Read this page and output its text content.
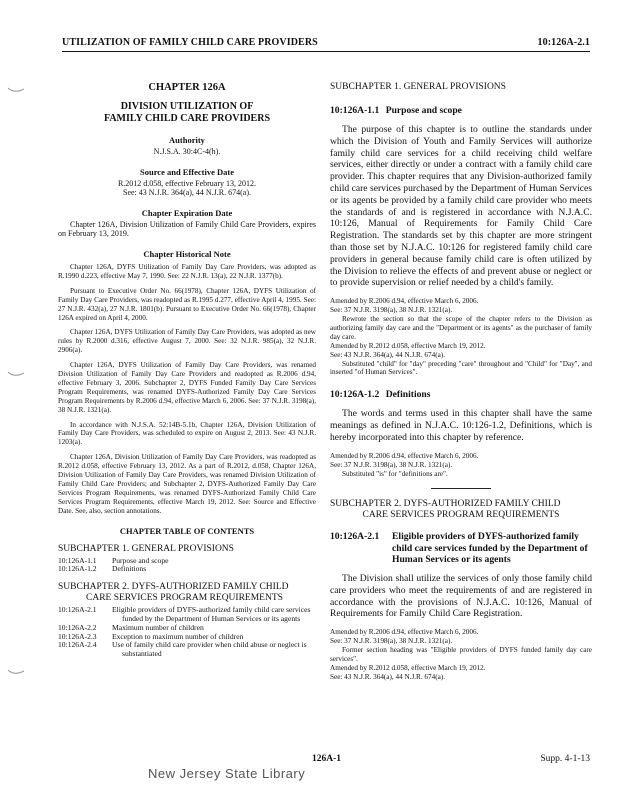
UTILIZATION OF FAMILY CHILD CARE PROVIDERS	10:126A-2.1
CHAPTER 126A
DIVISION UTILIZATION OF
FAMILY CHILD CARE PROVIDERS
Authority
N.J.S.A. 30:4C-4(h).
Source and Effective Date
R.2012 d.058, effective February 13, 2012.
See: 43 N.J.R. 364(a), 44 N.J.R. 674(a).
Chapter Expiration Date
Chapter 126A, Division Utilization of Family Child Care Providers, expires on February 13, 2019.
Chapter Historical Note
Chapter 126A, DYFS Utilization of Family Day Care Providers, was adopted as R.1990 d.223, effective May 7, 1990. See: 22 N.J.R. 13(a), 22 N.J.R. 1377(b).
Pursuant to Executive Order No. 66(1978), Chapter 126A, DYFS Utilization of Family Day Care Providers, was readopted as R.1995 d.277, effective April 4, 1995. See: 27 N.J.R. 432(a), 27 N.J.R. 1801(b). Pursuant to Executive Order No. 66(1978), Chapter 126A expired on April 4, 2000.
Chapter 126A, DYFS Utilization of Family Day Care Providers, was adopted as new rules by R.2000 d.316, effective August 7, 2000. See: 32 N.J.R. 985(a), 32 N.J.R. 2906(a).
Chapter 126A, DYFS Utilization of Family Day Care Providers, was renamed Division Utilization of Family Day Care Providers and readopted as R.2006 d.94, effective February 3, 2006. Subchapter 2, DYFS Funded Family Day Care Services Program Requirements, was renamed DYFS-Authorized Family Day Care Services Program Requirements by R.2006 d.94, effective March 6, 2006. See: 37 N.J.R. 3198(a), 38 N.J.R. 1321(a).
In accordance with N.J.S.A. 52:14B-5.1b, Chapter 126A, Division Utilization of Family Day Care Providers, was scheduled to expire on August 2, 2013. See: 43 N.J.R. 1203(a).
Chapter 126A, Division Utilization of Family Day Care Providers, was readopted as R.2012 d.058, effective February 13, 2012. As a part of R.2012, d.058, Chapter 126A, Division Utilization of Family Day Care Providers, was renamed Division Utilization of Family Child Care Providers; and Subchapter 2, DYFS-Authorized Family Day Care Services Program Requirements, was renamed DYFS-Authorized Family Child Care Services Program Requirements, effective March 19, 2012. See: Source and Effective Date. See, also, section annotations.
CHAPTER TABLE OF CONTENTS
SUBCHAPTER 1. GENERAL PROVISIONS
10:126A-1.1	Purpose and scope
10:126A-1.2	Definitions
SUBCHAPTER 2. DYFS-AUTHORIZED FAMILY CHILD
CARE SERVICES PROGRAM REQUIREMENTS
10:126A-2.1	Eligible providers of DYFS-authorized family child care services funded by the Department of Human Services or its agents
10:126A-2.2	Maximum number of children
10:126A-2.3	Exception to maximum number of children
10:126A-2.4	Use of family child care provider when child abuse or neglect is substantiated
SUBCHAPTER 1. GENERAL PROVISIONS
10:126A-1.1 Purpose and scope
The purpose of this chapter is to outline the standards under which the Division of Youth and Family Services will authorize family child care services for a child receiving child welfare services, either directly or under a contract with a family child care provider. This chapter requires that any Division-authorized family child care services purchased by the Department of Human Services or its agents be provided by a family child care provider who meets the standards of and is registered in accordance with N.J.A.C. 10:126, Manual of Requirements for Family Child Care Registration. The standards set by this chapter are more stringent than those set by N.J.A.C. 10:126 for registered family child care providers in general because family child care is often utilized by the Division to relieve the effects of and prevent abuse or neglect or to provide supervision or relief needed by a child's family.
Amended by R.2006 d.94, effective March 6, 2006.
See: 37 N.J.R. 3198(a), 38 N.J.R. 1321(a).
Rewrote the section so that the scope of the chapter refers to the Division as authorizing family day care and the "Department or its agents" as the purchaser of family day care.
Amended by R.2012 d.058, effective March 19, 2012.
See: 43 N.J.R. 364(a), 44 N.J.R. 674(a).
Substituted "child" for "day" preceding "care" throughout and "Child" for "Day", and inserted "of Human Services".
10:126A-1.2 Definitions
The words and terms used in this chapter shall have the same meanings as defined in N.J.A.C. 10:126-1.2, Definitions, which is hereby incorporated into this chapter by reference.
Amended by R.2006 d.94, effective March 6, 2006.
See: 37 N.J.R. 3198(a), 38 N.J.R. 1321(a).
Substituted "is" for "definitions are".
SUBCHAPTER 2. DYFS-AUTHORIZED FAMILY CHILD
CARE SERVICES PROGRAM REQUIREMENTS
10:126A-2.1	Eligible providers of DYFS-authorized family child care services funded by the Department of Human Services or its agents
The Division shall utilize the services of only those family child care providers who meet the requirements of and are registered in accordance with the provisions of N.J.A.C. 10:126, Manual of Requirements for Family Child Care Registration.
Amended by R.2006 d.94, effective March 6, 2006.
See: 37 N.J.R. 3198(a), 38 N.J.R. 1321(a).
Former section heading was "Eligible providers of DYFS funded family day care services".
Amended by R.2012 d.058, effective March 19, 2012.
See: 43 N.J.R. 364(a), 44 N.J.R. 674(a).
126A-1	Supp. 4-1-13
New Jersey State Library
